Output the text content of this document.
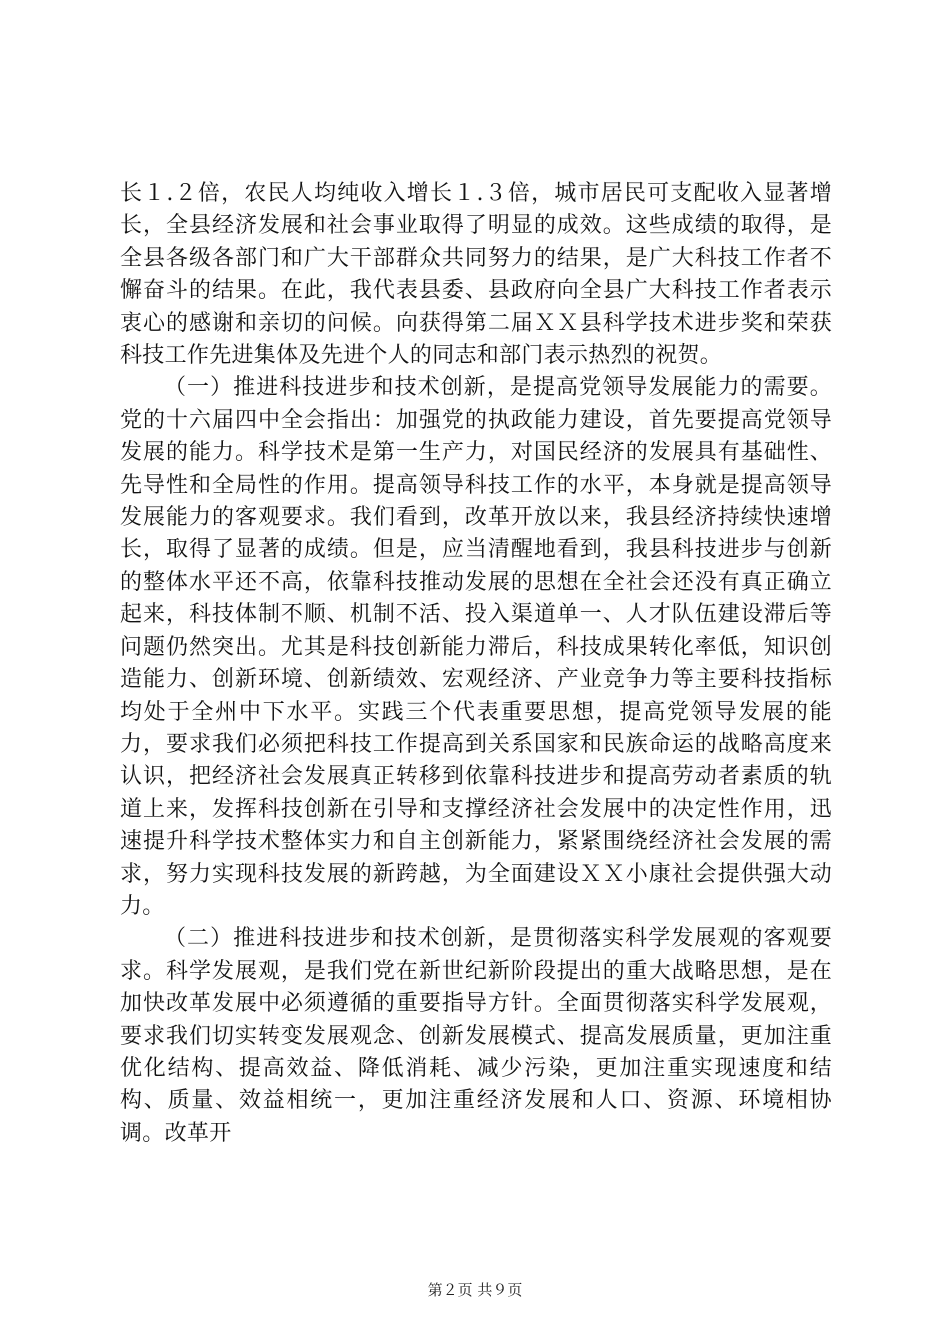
长１.２倍，农民人均纯收入增长１.３倍，城市居民可支配收入显著增长，全县经济发展和社会事业取得了明显的成效。这些成绩的取得，是全县各级各部门和广大干部群众共同努力的结果，是广大科技工作者不懈奋斗的结果。在此，我代表县委、县政府向全县广大科技工作者表示衷心的感谢和亲切的问候。向获得第二届ＸＸ县科学技术进步奖和荣获科技工作先进集体及先进个人的同志和部门表示热烈的祝贺。

（一）推进科技进步和技术创新，是提高党领导发展能力的需要。党的十六届四中全会指出：加强党的执政能力建设，首先要提高党领导发展的能力。科学技术是第一生产力，对国民经济的发展具有基础性、先导性和全局性的作用。提高领导科技工作的水平，本身就是提高领导发展能力的客观要求。我们看到，改革开放以来，我县经济持续快速增长，取得了显著的成绩。但是，应当清醒地看到，我县科技进步与创新的整体水平还不高，依靠科技推动发展的思想在全社会还没有真正确立起来，科技体制不顺、机制不活、投入渠道单一、人才队伍建设滞后等问题仍然突出。尤其是科技创新能力滞后，科技成果转化率低，知识创造能力、创新环境、创新绩效、宏观经济、产业竞争力等主要科技指标均处于全州中下水平。实践三个代表重要思想，提高党领导发展的能力，要求我们必须把科技工作提高到关系国家和民族命运的战略高度来认识，把经济社会发展真正转移到依靠科技进步和提高劳动者素质的轨道上来，发挥科技创新在引导和支撑经济社会发展中的决定性作用，迅速提升科学技术整体实力和自主创新能力，紧紧围绕经济社会发展的需求，努力实现科技发展的新跨越，为全面建设ＸＸ小康社会提供强大动力。

（二）推进科技进步和技术创新，是贯彻落实科学发展观的客观要求。科学发展观，是我们党在新世纪新阶段提出的重大战略思想，是在加快改革发展中必须遵循的重要指导方针。全面贯彻落实科学发展观，要求我们切实转变发展观念、创新发展模式、提高发展质量，更加注重优化结构、提高效益、降低消耗、减少污染，更加注重实现速度和结构、质量、效益相统一，更加注重经济发展和人口、资源、环境相协调。改革开

第２页 共９页
